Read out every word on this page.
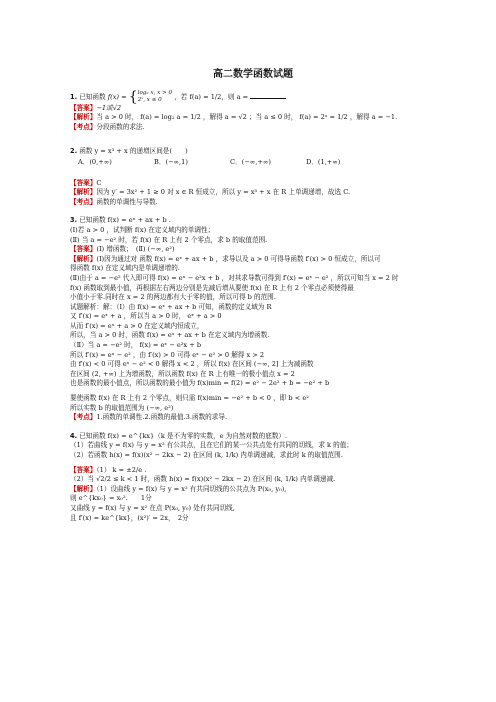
高二数学函数试题
1. 已知函数 f(x) = { log₂ x, x > 0
2ˣ, x ≤ 0	，若 f(a) = 1/2，则 a =
【答案】−1或√2
【解析】当 a > 0 时， f(a) = log₂ a = 1/2 ，解得 a = √2 ；当 a ≤ 0 时， f(a) = 2ᵃ = 1/2 ，解得 a = −1.
【考点】分段函数的求法.
2. 函数 y = x³ + x 的递增区间是(　　)
A．(0,+∞)	B．(−∞,1)	C．(−∞,+∞)	D．(1,+∞)
【答案】C
【解析】因为 y′ = 3x² + 1 ≥ 0 对 x ∈ R 恒成立，所以 y = x³ + x 在 R 上单调递增，故选 C.
【考点】函数的单调性与导数.
3. 已知函数 f(x) = eˣ + ax + b .
(Ⅰ)若 a > 0 ，试判断 f(x) 在定义域内的单调性；
(Ⅱ) 当 a = −e² 时，若 f(x) 在 R 上有 2 个零点，求 b 的取值范围.
【答案】(Ⅰ) 增函数；　(Ⅱ) (−∞, e²)
【解析】(Ⅰ)因为通过对 函数 f(x) = eˣ + ax + b ，求导以及 a > 0 可得导函数 f′(x) > 0 恒成立，所以可
得函数 f(x) 在定义域内是单调递增的.
(Ⅱ)由于 a = −e² 代入即可得 f(x) = eˣ − e²x + b ，对其求导数可得到 f′(x) = eˣ − e² ，所以可知当 x = 2 时
f(x) 函数取到最小值，再根据左右两边分别是先减后增从要使 f(x) 在 R 上有 2 个零点必须使得最
小值小于零.同时在 x = 2 的两边都有大于零的值，所以可得 b 的范围.
试题解析：解：（Ⅰ）由 f(x) = eˣ + ax + b 可知，函数的定义域为 R
又 f′(x) = eˣ + a ，所以当 a > 0 时， eˣ + a > 0
从而 f′(x) = eˣ + a > 0 在定义域内恒成立，
所以，当 a > 0 时，函数 f(x) = eˣ + ax + b 在定义域内为增函数.
（Ⅱ）当 a = −e² 时， f(x) = eˣ − e²x + b
所以 f′(x) = eˣ − e² ，由 f′(x) > 0 可得 eˣ − e² > 0 解得 x > 2
由 f′(x) < 0 可得 eˣ − e² < 0 解得 x < 2 ，所以 f(x) 在区间 (−∞, 2] 上为减函数
在区间 (2, +∞) 上为增函数，所以函数 f(x) 在 R 上有唯一的极小值点 x = 2
也是函数的最小值点，所以函数的最小值为 f(x)min = f(2) = e² − 2e² + b = −e² + b
要使函数 f(x) 在 R 上有 2 个零点，则只需 f(x)min = −e² + b < 0 ，即 b < e²
所以实数 b 的取值范围为 (−∞, e²)
【考点】1.函数的单调性.2.函数的最值.3.函数的求导.
4. 已知函数 f(x) = e^{kx}（k 是不为零的实数，e 为自然对数的底数）.
（1）若曲线 y = f(x) 与 y = x² 有公共点，且在它们的某一公共点处有共同的切线，求 k 的值；
（2）若函数 h(x) = f(x)(x² − 2kx − 2) 在区间 (k, 1/k) 内单调递减，求此时 k 的取值范围.
【答案】（1） k = ±2/e .
（2）当 √2/2 ≤ k < 1 时，函数 h(x) = f(x)(x² − 2kx − 2) 在区间 (k, 1/k) 内单调递减.
【解析】（1）设曲线 y = f(x) 与 y = x² 有共同切线的公共点为 P(x₀, y₀),
则 e^{kx₀} = x₀².　　1分
又曲线 y = f(x) 与 y = x² 在点 P(x₀, y₀) 处有共同切线,
且 f′(x) = ke^{kx}，(x²)′ = 2x，　2分
